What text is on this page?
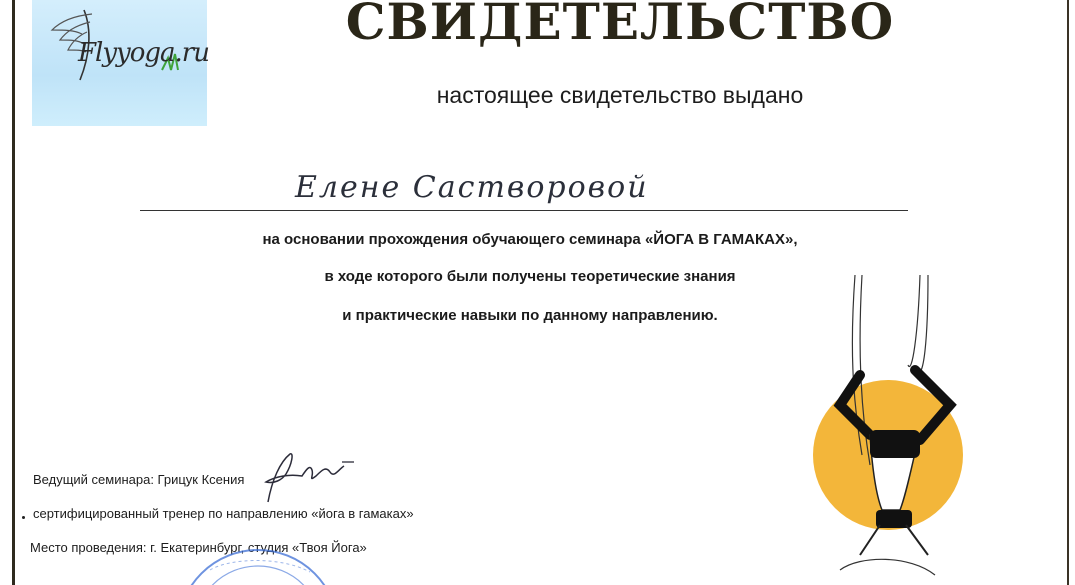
Flyyoga.ru
СВИДЕТЕЛЬСТВО
настоящее свидетельство выдано
Елене Састворовой
на основании прохождения обучающего семинара «ЙОГА В ГАМАКАХ»,
в ходе которого были получены теоретические знания
и практические навыки по данному направлению.
Ведущий семинара: Грицук Ксения
сертифицированный тренер по направлению «йога в гамаках»
Место проведения: г. Екатеринбург, студия «Твоя Йога»
